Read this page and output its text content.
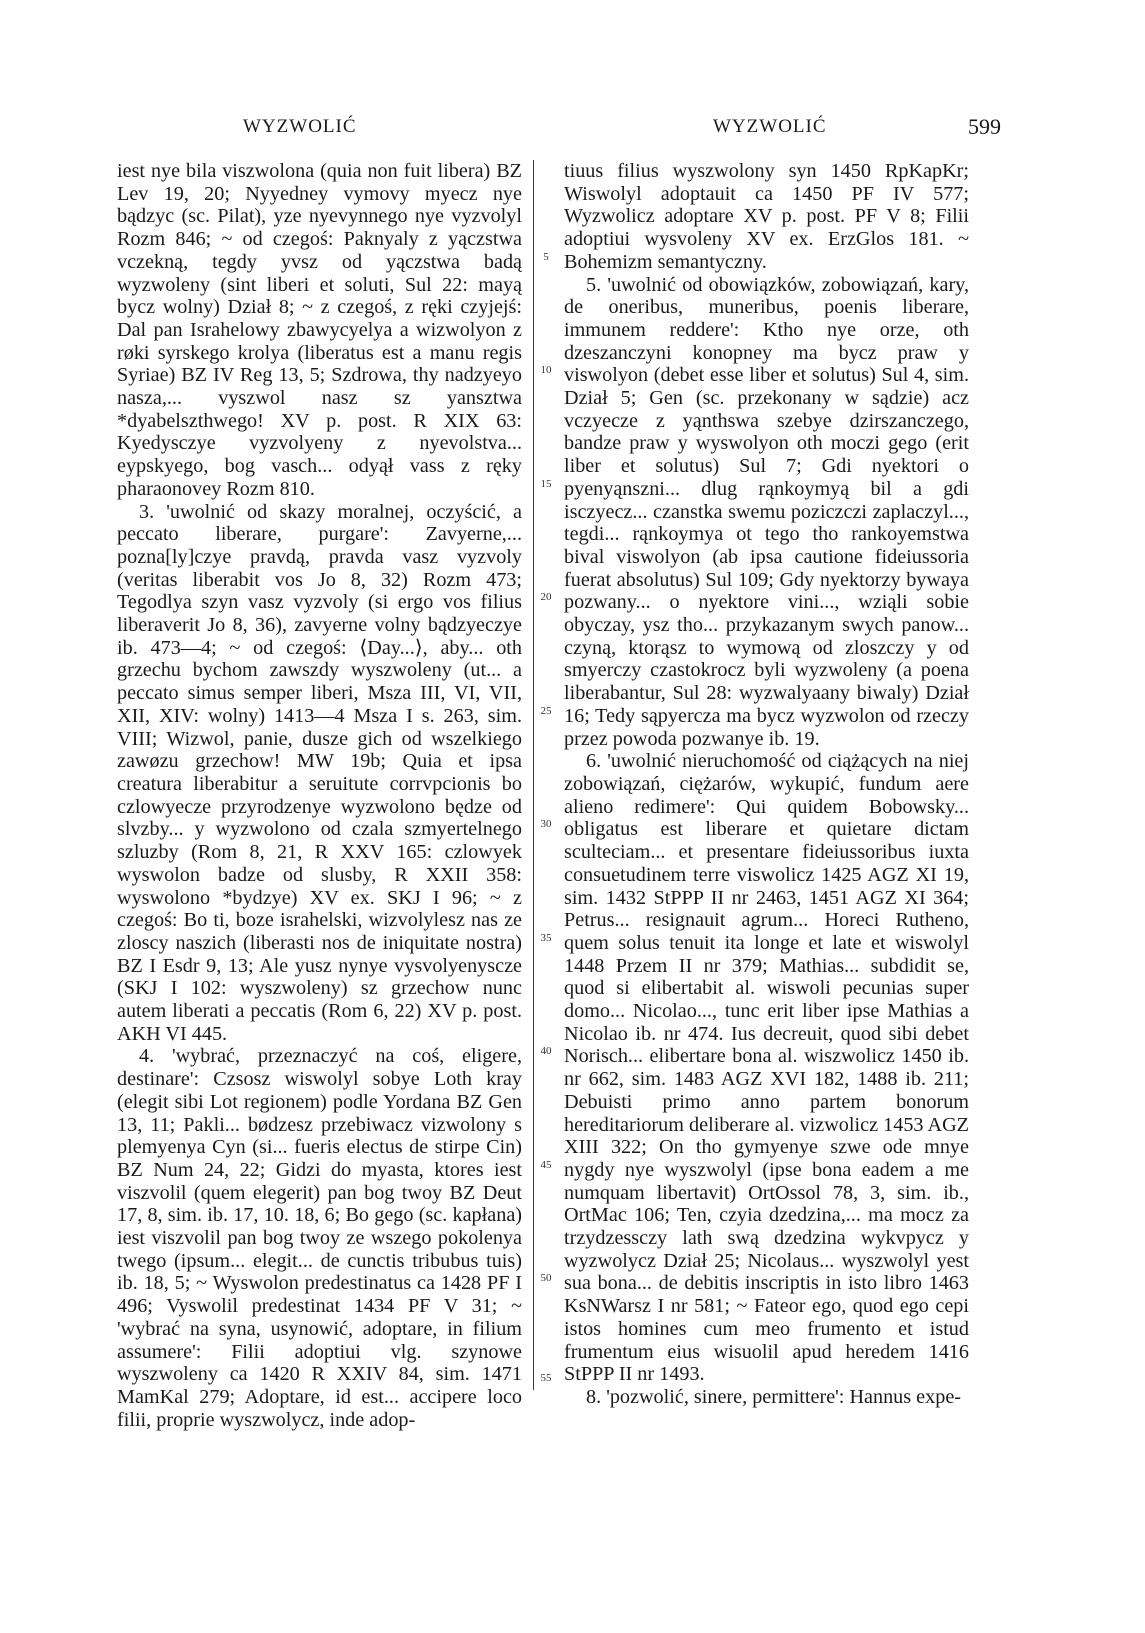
WYZWOLIĆ	WYZWOLIĆ	599

iest nye bila viszwolona (quia non fuit libera) BZ Lev 19, 20; Nyyedney vymovy myecz nye bądzyc (sc. Pilat), yze nyevynnego nye vyzvolyl Rozm 846; ~ od czegoś: Paknyaly z yączstwa vczekną, tegdy yvsz od yączstwa badą wyzwoleny (sint liberi et soluti, Sul 22: mayą bycz wolny) Dział 8; ~ z czegoś, z ręki czyjejś: Dal pan Israhelowy zbawycyelya a wizwolyon z røki syrskego krolya (liberatus est a manu regis Syriae) BZ IV Reg 13, 5; Szdrowa, thy nadzyeyo nasza,... vyszwol nasz sz yansztwa *dyabelszthwego! XV p. post. R XIX 63: Kyedysczye vyzvolyeny z nyevolstva... eypskyego, bog vasch... odyął vass z ręky pharaonovey Rozm 810.

3. 'uwolnić od skazy moralnej, oczyścić, a peccato liberare, purgare': Zavyerne,... pozna[ly]czye pravdą, pravda vasz vyzvoly (veritas liberabit vos Jo 8, 32) Rozm 473; Tegodlya szyn vasz vyzvoly (si ergo vos filius liberaverit Jo 8, 36), zavyerne volny bądzyeczye ib. 473—4; ~ od czegoś: ⟨Day...⟩, aby... oth grzechu bychom zawszdy wyszwoleny (ut... a peccato simus semper liberi, Msza III, VI, VII, XII, XIV: wolny) 1413—4 Msza I s. 263, sim. VIII; Wizwol, panie, dusze gich od wszelkiego zawøzu grzechow! MW 19b; Quia et ipsa creatura liberabitur a seruitute corrvpcionis bo czlowyecze przyrodzenye wyzwolono będze od slvzby... y wyzwolono od czala szmyertelnego szluzby (Rom 8, 21, R XXV 165: czlowyek wyswolon badze od slusby, R XXII 358: wyswolono *bydzye) XV ex. SKJ I 96; ~ z czegoś: Bo ti, boze israhelski, wizvolylesz nas ze zloscy naszich (liberasti nos de iniquitate nostra) BZ I Esdr 9, 13; Ale yusz nynye vysvolyenyscze (SKJ I 102: wyszwoleny) sz grzechow nunc autem liberati a peccatis (Rom 6, 22) XV p. post. AKH VI 445.

4. 'wybrać, przeznaczyć na coś, eligere, destinare': Czsosz wiswolyl sobye Loth kray (elegit sibi Lot regionem) podle Yordana BZ Gen 13, 11; Pakli... bødzesz przebiwacz vizwolony s plemyenya Cyn (si... fueris electus de stirpe Cin) BZ Num 24, 22; Gidzi do myasta, ktores iest viszvolil (quem elegerit) pan bog twoy BZ Deut 17, 8, sim. ib. 17, 10. 18, 6; Bo gego (sc. kapłana) iest viszvolil pan bog twoy ze wszego pokolenya twego (ipsum... elegit... de cunctis tribubus tuis) ib. 18, 5; ~ Wyswolon predestinatus ca 1428 PF I 496; Vyswolil predestinat 1434 PF V 31; ~ 'wybrać na syna, usynowić, adoptare, in filium assumere': Filii adoptiui vlg. szynowe wyszwoleny ca 1420 R XXIV 84, sim. 1471 MamKal 279; Adoptare, id est... accipere loco filii, proprie wyszwolycz, inde adop-

5
10
15
20
25
30
35
40
45
50
55

tiuus filius wyszwolony syn 1450 RpKapKr; Wiswolyl adoptauit ca 1450 PF IV 577; Wyzwolicz adoptare XV p. post. PF V 8; Filii adoptiui wysvoleny XV ex. ErzGlos 181. ~ Bohemizm semantyczny.

5. 'uwolnić od obowiązków, zobowiązań, kary, de oneribus, muneribus, poenis liberare, immunem reddere': Ktho nye orze, oth dzeszanczyni konopney ma bycz praw y viswolyon (debet esse liber et solutus) Sul 4, sim. Dział 5; Gen (sc. przekonany w sądzie) acz vczyecze z yąnthswa szebye dzirszanczego, bandze praw y wyswolyon oth moczi gego (erit liber et solutus) Sul 7; Gdi nyektori o pyenyąnszni... dlug rąnkoymyą bil a gdi isczyecz... czanstka swemu poziczczi zaplaczyl..., tegdi... rąnkoymya ot tego tho rankoyemstwa bival viswolyon (ab ipsa cautione fideiussoria fuerat absolutus) Sul 109; Gdy nyektorzy bywaya pozwany... o nyektore vini..., wziąli sobie obyczay, ysz tho... przykazanym swych panow... czyną, ktorąsz to wymową od zloszczy y od smyerczy czastokrocz byli wyzwoleny (a poena liberabantur, Sul 28: wyzwalyaany biwaly) Dział 16; Tedy sąpyercza ma bycz wyzwolon od rzeczy przez powoda pozwanye ib. 19.

6. 'uwolnić nieruchomość od ciążących na niej zobowiązań, ciężarów, wykupić, fundum aere alieno redimere': Qui quidem Bobowsky... obligatus est liberare et quietare dictam sculteciam... et presentare fideiussoribus iuxta consuetudinem terre viswolicz 1425 AGZ XI 19, sim. 1432 StPPP II nr 2463, 1451 AGZ XI 364; Petrus... resignauit agrum... Horeci Rutheno, quem solus tenuit ita longe et late et wiswolyl 1448 Przem II nr 379; Mathias... subdidit se, quod si elibertabit al. wiswoli pecunias super domo... Nicolao..., tunc erit liber ipse Mathias a Nicolao ib. nr 474. Ius decreuit, quod sibi debet Norisch... elibertare bona al. wiszwolicz 1450 ib. nr 662, sim. 1483 AGZ XVI 182, 1488 ib. 211; Debuisti primo anno partem bonorum hereditariorum deliberare al. vizwolicz 1453 AGZ XIII 322; On tho gymyenye szwe ode mnye nygdy nye wyszwolyl (ipse bona eadem a me numquam libertavit) OrtOssol 78, 3, sim. ib., OrtMac 106; Ten, czyia dzedzina,... ma mocz za trzydzessczy lath swą dzedzina wykvpycz y wyzwolycz Dział 25; Nicolaus... wyszwolyl yest sua bona... de debitis inscriptis in isto libro 1463 KsNWarsz I nr 581; ~ Fateor ego, quod ego cepi istos homines cum meo frumento et istud frumentum eius wisuolil apud heredem 1416 StPPP II nr 1493.

8. 'pozwolić, sinere, permittere': Hannus expe-
